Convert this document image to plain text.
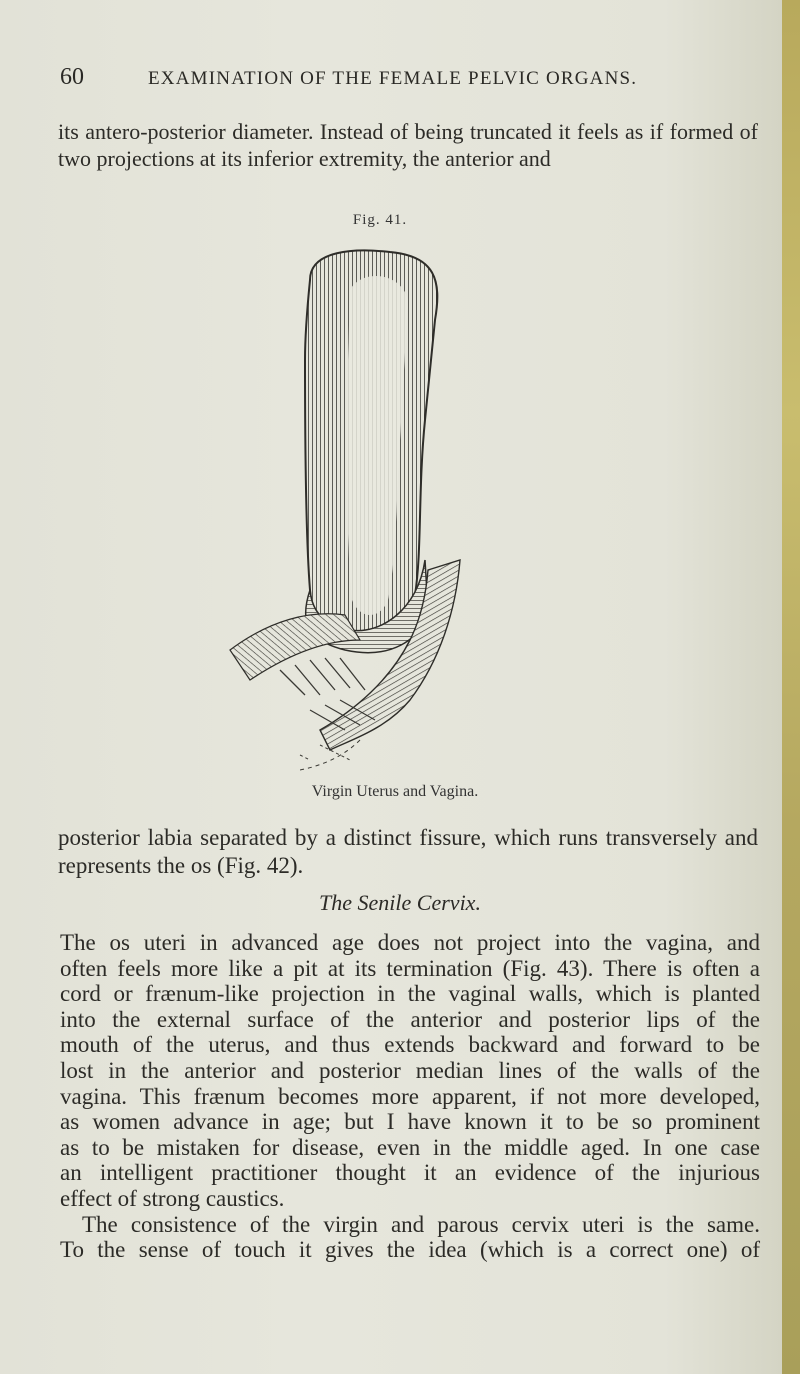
60	EXAMINATION OF THE FEMALE PELVIC ORGANS.

its antero-posterior diameter. Instead of being truncated it feels as if formed of two projections at its inferior extremity, the anterior and

Fig. 41.
Virgin Uterus and Vagina.

posterior labia separated by a distinct fissure, which runs transversely and represents the os (Fig. 42).

The Senile Cervix.
The os uteri in advanced age does not project into the vagina, and
often feels more like a pit at its termination (Fig. 43). There is often a
cord or frænum-like projection in the vaginal walls, which is planted
into the external surface of the anterior and posterior lips of the
mouth of the uterus, and thus extends backward and forward to be
lost in the anterior and posterior median lines of the walls of the
vagina. This frænum becomes more apparent, if not more developed,
as women advance in age; but I have known it to be so prominent
as to be mistaken for disease, even in the middle aged. In one case
an intelligent practitioner thought it an evidence of the injurious
effect of strong caustics.
The consistence of the virgin and parous cervix uteri is the same.
To the sense of touch it gives the idea (which is a correct one) of
